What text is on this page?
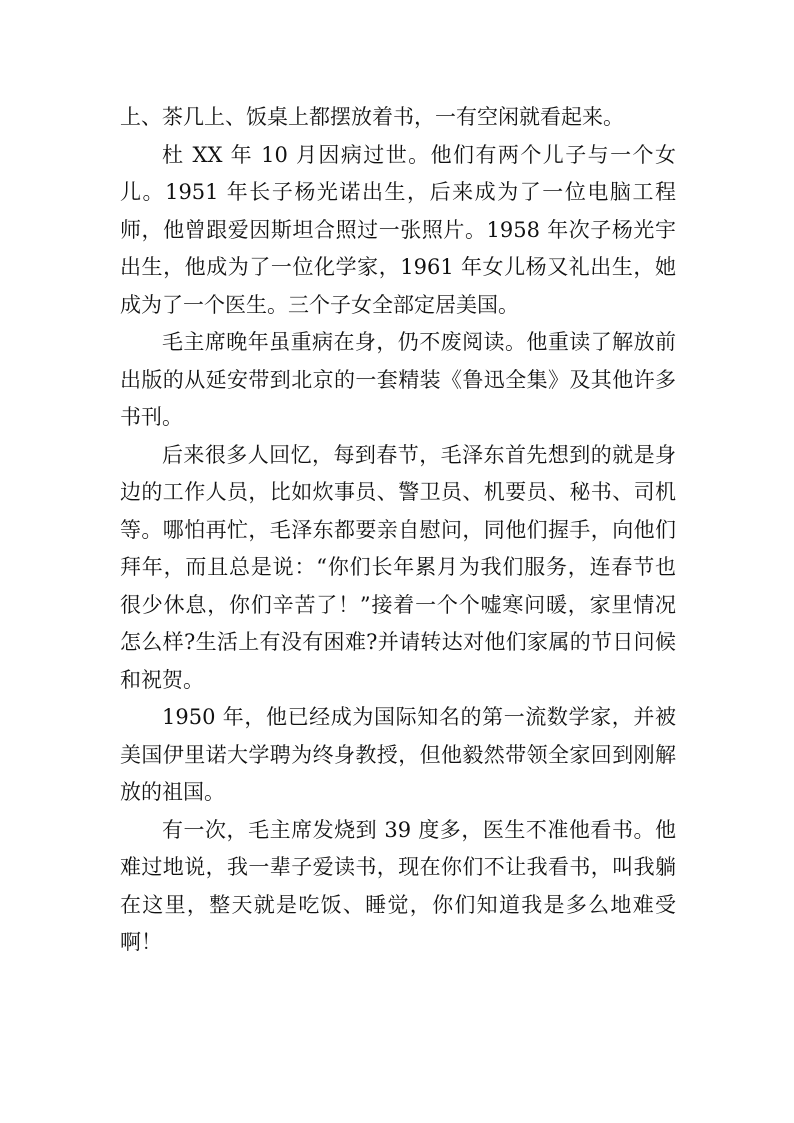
上、茶几上、饭桌上都摆放着书，一有空闲就看起来。

杜 XX 年 10 月因病过世。他们有两个儿子与一个女儿。1951 年长子杨光诺出生，后来成为了一位电脑工程师，他曾跟爱因斯坦合照过一张照片。1958 年次子杨光宇出生，他成为了一位化学家，1961 年女儿杨又礼出生，她成为了一个医生。三个子女全部定居美国。

毛主席晚年虽重病在身，仍不废阅读。他重读了解放前出版的从延安带到北京的一套精装《鲁迅全集》及其他许多书刊。

后来很多人回忆，每到春节，毛泽东首先想到的就是身边的工作人员，比如炊事员、警卫员、机要员、秘书、司机等。哪怕再忙，毛泽东都要亲自慰问，同他们握手，向他们拜年，而且总是说：“你们长年累月为我们服务，连春节也很少休息，你们辛苦了！”接着一个个嘘寒问暖，家里情况怎么样?生活上有没有困难?并请转达对他们家属的节日问候和祝贺。

1950 年，他已经成为国际知名的第一流数学家，并被美国伊里诺大学聘为终身教授，但他毅然带领全家回到刚解放的祖国。

有一次，毛主席发烧到 39 度多，医生不准他看书。他难过地说，我一辈子爱读书，现在你们不让我看书，叫我躺在这里，整天就是吃饭、睡觉，你们知道我是多么地难受啊！
